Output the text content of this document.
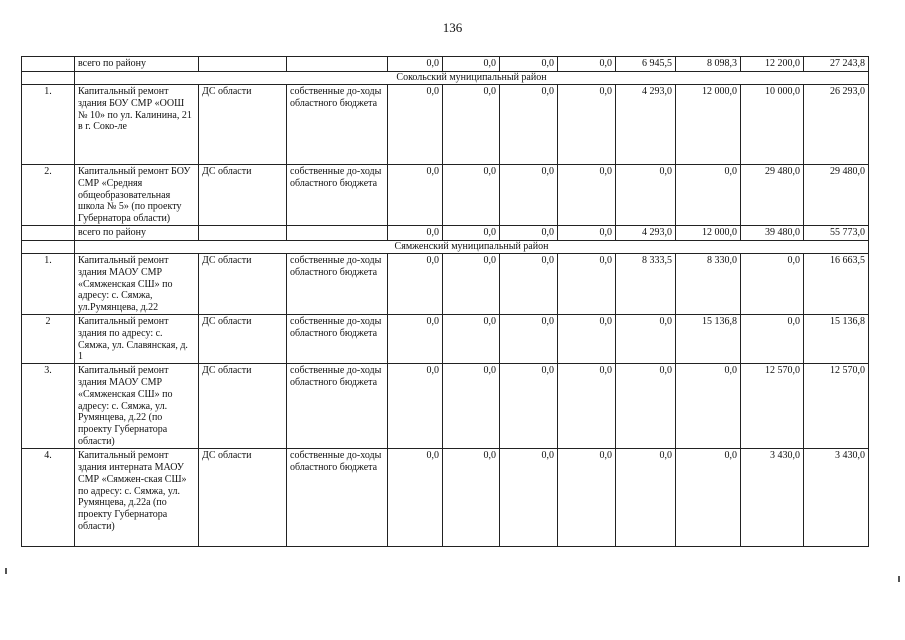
136
	всего по району			0,0	0,0	0,0	0,0	6 945,5	8 098,3	12 200,0	27 243,8
	Сокольский муниципальный район										
1.	Капитальный ремонт здания БОУ СМР «ООШ № 10» по ул. Калинина, 21 в г. Соко-ле	ДС области	собственные до-ходы областного бюджета	0,0	0,0	0,0	0,0	4 293,0	12 000,0	10 000,0	26 293,0
2.	Капитальный ремонт БОУ СМР «Средняя общеобразовательная школа № 5» (по проекту Губернатора области)	ДС области	собственные до-ходы областного бюджета	0,0	0,0	0,0	0,0	0,0	0,0	29 480,0	29 480,0
	всего по району			0,0	0,0	0,0	0,0	4 293,0	12 000,0	39 480,0	55 773,0
	Сямженский муниципальный район										
1.	Капитальный ремонт здания МАОУ СМР «Сямженская СШ» по адресу: с. Сямжа, ул.Румянцева, д.22	ДС области	собственные до-ходы областного бюджета	0,0	0,0	0,0	0,0	8 333,5	8 330,0	0,0	16 663,5
2	Капитальный ремонт здания по адресу: с. Сямжа, ул. Славянская, д. 1	ДС области	собственные до-ходы областного бюджета	0,0	0,0	0,0	0,0	0,0	15 136,8	0,0	15 136,8
3.	Капитальный ремонт здания МАОУ СМР «Сямженская СШ» по адресу: с. Сямжа, ул. Румянцева, д.22 (по проекту Губернатора области)	ДС области	собственные до-ходы областного бюджета	0,0	0,0	0,0	0,0	0,0	0,0	12 570,0	12 570,0
4.	Капитальный ремонт здания интерната МАОУ СМР «Сямжен-ская СШ» по адресу: с. Сямжа, ул. Румянцева, д.22а (по проекту Губернатора области)	ДС области	собственные до-ходы областного бюджета	0,0	0,0	0,0	0,0	0,0	0,0	3 430,0	3 430,0
